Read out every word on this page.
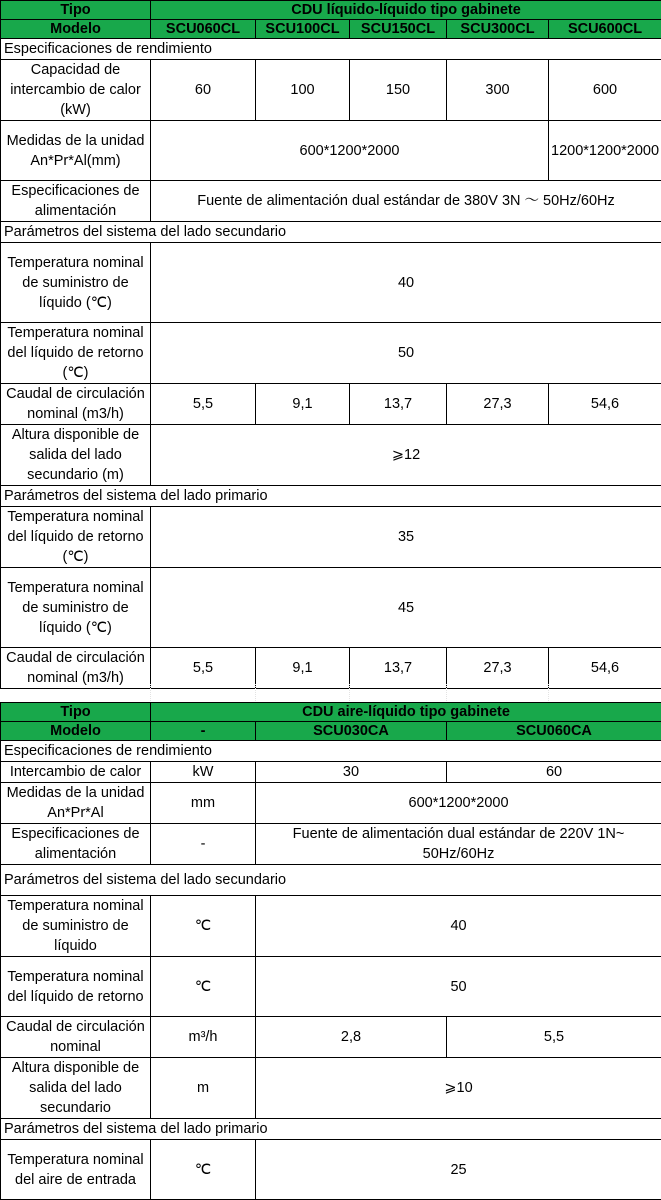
Tipo	CDU líquido-líquido tipo gabinete				
Modelo	SCU060CL	SCU100CL	SCU150CL	SCU300CL	SCU600CL
Especificaciones de rendimiento					
Capacidad de intercambio de calor (kW)	60	100	150	300	600
Medidas de la unidad An*Pr*Al(mm)	600*1200*2000				1200*1200*2000
Especificaciones de alimentación	Fuente de alimentación dual estándar de 380V 3N ～ 50Hz/60Hz				
Parámetros del sistema del lado secundario					
Temperatura nominal de suministro de líquido (℃)	40				
Temperatura nominal del líquido de retorno (℃)	50				
Caudal de circulación nominal (m3/h)	5,5	9,1	13,7	27,3	54,6
Altura disponible de salida del lado secundario (m)	⩾12				
Parámetros del sistema del lado primario					
Temperatura nominal del líquido de retorno (℃)	35				
Temperatura nominal de suministro de líquido (℃)	45				
Caudal de circulación nominal (m3/h)	5,5	9,1	13,7	27,3	54,6
Tipo	CDU aire-líquido tipo gabinete		
Modelo	-	SCU030CA	SCU060CA
Especificaciones de rendimiento			
Intercambio de calor	kW	30	60
Medidas de la unidad An*Pr*Al	mm	600*1200*2000	
Especificaciones de alimentación	-	Fuente de alimentación dual estándar de 220V 1N~ 50Hz/60Hz	
Parámetros del sistema del lado secundario			
Temperatura nominal de suministro de líquido	℃	40	
Temperatura nominal del líquido de retorno	℃	50	
Caudal de circulación nominal	m³/h	2,8	5,5
Altura disponible de salida del lado secundario	m	⩾10	
Parámetros del sistema del lado primario			
Temperatura nominal del aire de entrada	℃	25	
